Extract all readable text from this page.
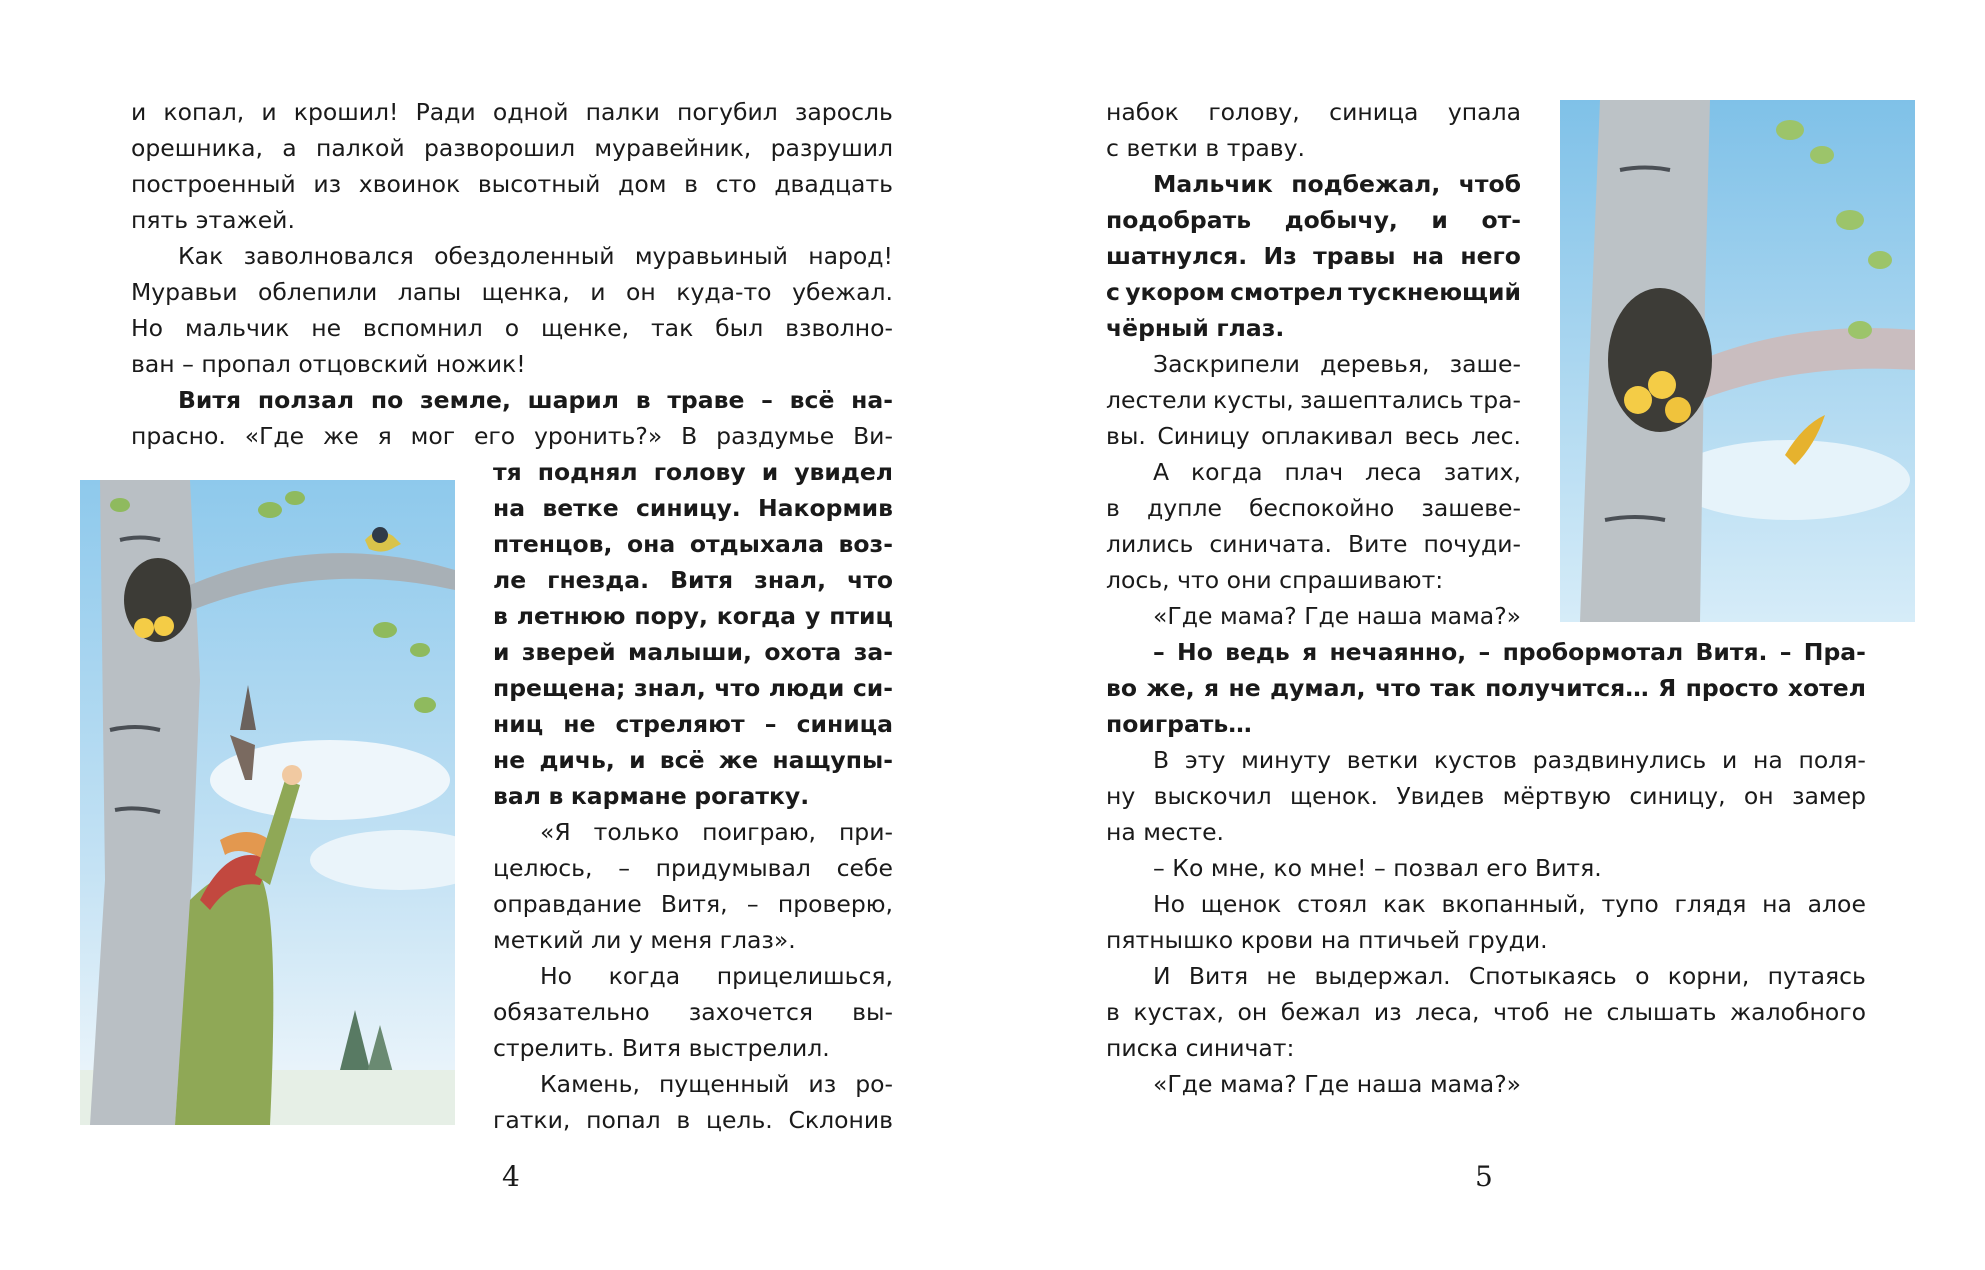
и копал, и крошил! Ради одной палки погубил заросль
орешника, а палкой разворошил муравейник, разрушил
построенный из хвоинок высотный дом в сто двадцать
пять этажей.
Как заволновался обездоленный муравьиный народ!
Муравьи облепили лапы щенка, и он куда-то убежал.
Но мальчик не вспомнил о щенке, так был взволно-
ван – пропал отцовский ножик!
Витя ползал по земле, шарил в траве – всё на-
прасно. «Где же я мог его уронить?» В раздумье Ви-
тя поднял голову и увидел
на ветке синицу. Накормив
птенцов, она отдыхала воз-
ле гнезда. Витя знал, что
в летнюю пору, когда у птиц
и зверей малыши, охота за-
прещена; знал, что люди си-
ниц не стреляют – синица
не дичь, и всё же нащупы-
вал в кармане рогатку.
«Я только поиграю, при-
целюсь, – придумывал себе
оправдание Витя, – проверю,
меткий ли у меня глаз».
Но когда прицелишься,
обязательно захочется вы-
стрелить. Витя выстрелил.
Камень, пущенный из ро-
гатки, попал в цель. Склонив
набок голову, синица упала
с ветки в траву.
Мальчик подбежал, чтоб
подобрать добычу, и от-
шатнулся. Из травы на него
с укором смотрел тускнеющий
чёрный глаз.
Заскрипели деревья, заше-
лестели кусты, зашептались тра-
вы. Синицу оплакивал весь лес.
А когда плач леса затих,
в дупле беспокойно зашеве-
лились синичата. Вите почуди-
лось, что они спрашивают:
«Где мама? Где наша мама?»
– Но ведь я нечаянно, – пробормотал Витя. – Пра-
во же, я не думал, что так получится… Я просто хотел
поиграть…
В эту минуту ветки кустов раздвинулись и на поля-
ну выскочил щенок. Увидев мёртвую синицу, он замер
на месте.
– Ко мне, ко мне! – позвал его Витя.
Но щенок стоял как вкопанный, тупо глядя на алое
пятнышко крови на птичьей груди.
И Витя не выдержал. Спотыкаясь о корни, путаясь
в кустах, он бежал из леса, чтоб не слышать жалобного
писка синичат:
«Где мама? Где наша мама?»
4	5
